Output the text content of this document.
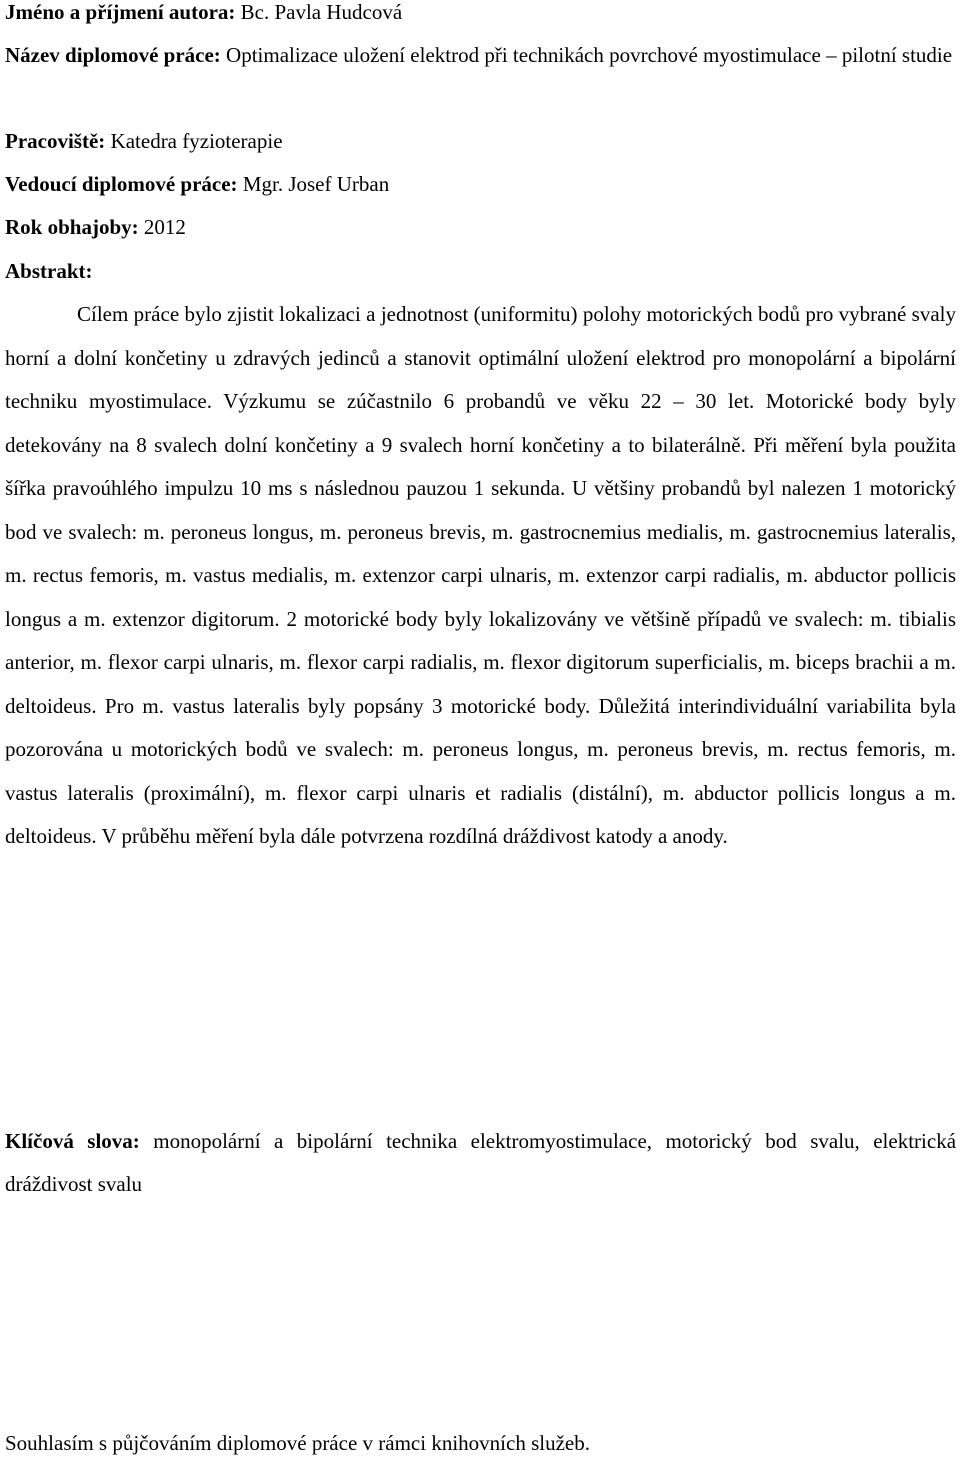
Jméno a příjmení autora: Bc. Pavla Hudcová

Název diplomové práce: Optimalizace uložení elektrod při technikách povrchové myostimulace – pilotní studie

Pracoviště: Katedra fyzioterapie

Vedoucí diplomové práce: Mgr. Josef Urban

Rok obhajoby: 2012

Abstrakt:

Cílem práce bylo zjistit lokalizaci a jednotnost (uniformitu) polohy motorických bodů pro vybrané svaly horní a dolní končetiny u zdravých jedinců a stanovit optimální uložení elektrod pro monopolární a bipolární techniku myostimulace. Výzkumu se zúčastnilo 6 probandů ve věku 22 – 30 let. Motorické body byly detekovány na 8 svalech dolní končetiny a 9 svalech horní končetiny a to bilaterálně. Při měření byla použita šířka pravoúhlého impulzu 10 ms s následnou pauzou 1 sekunda. U většiny probandů byl nalezen 1 motorický bod ve svalech: m. peroneus longus, m. peroneus brevis, m. gastrocnemius medialis, m. gastrocnemius lateralis, m. rectus femoris, m. vastus medialis, m. extenzor carpi ulnaris, m. extenzor carpi radialis, m. abductor pollicis longus a m. extenzor digitorum. 2 motorické body byly lokalizovány ve většině případů ve svalech: m. tibialis anterior, m. flexor carpi ulnaris, m. flexor carpi radialis, m. flexor digitorum superficialis, m. biceps brachii a m. deltoideus. Pro m. vastus lateralis byly popsány 3 motorické body. Důležitá interindividuální variabilita byla pozorována u motorických bodů ve svalech: m. peroneus longus, m. peroneus brevis, m. rectus femoris, m. vastus lateralis (proximální), m. flexor carpi ulnaris et radialis (distální), m. abductor pollicis longus a m. deltoideus. V průběhu měření byla dále potvrzena rozdílná dráždivost katody a anody.

Klíčová slova: monopolární a bipolární technika elektromyostimulace, motorický bod svalu, elektrická dráždivost svalu

Souhlasím s půjčováním diplomové práce v rámci knihovních služeb.
